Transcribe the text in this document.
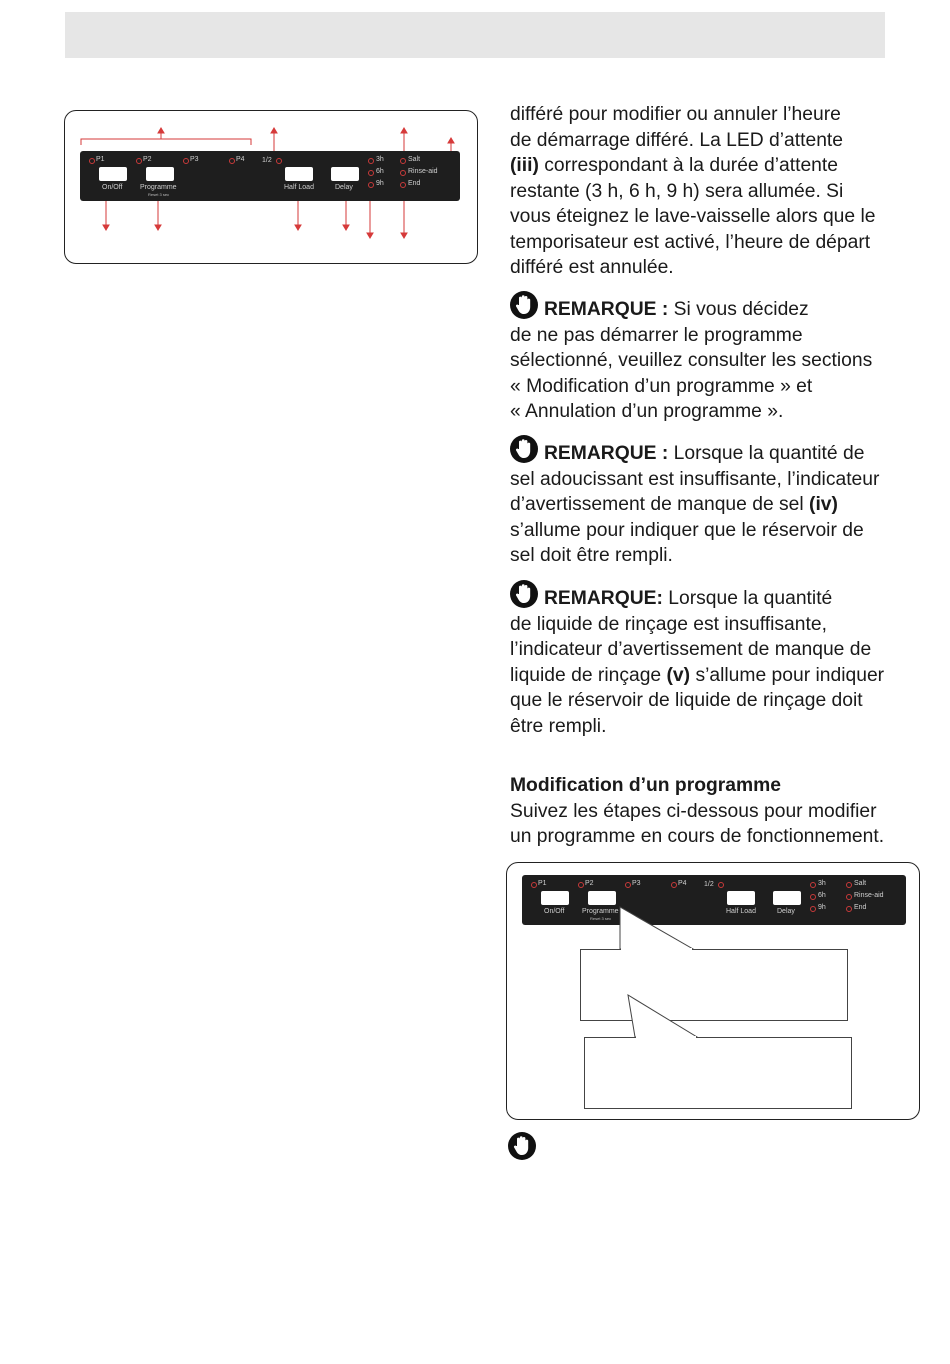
P1	P2	P3	P4 1/2
On/Off	Programme
Reset 3 sec
Half Load	Delay
3h
6h
9h
Salt
Rinse-aid
End

différé pour modifier ou annuler l’heure

de démarrage différé. La LED d’attente

(iii) correspondant à la durée d’attente

restante (3 h, 6 h, 9 h) sera allumée. Si

vous éteignez le lave-vaisselle alors que le

temporisateur est activé, l’heure de départ

différé est annulée.

REMARQUE : Si vous décidez

de ne pas démarrer le programme

sélectionné, veuillez consulter les sections

« Modification d’un programme » et

« Annulation d’un programme ».

REMARQUE : Lorsque la quantité de

sel adoucissant est insuffisante, l’indicateur

d’avertissement de manque de sel (iv)

s’allume pour indiquer que le réservoir de

sel doit être rempli.

REMARQUE: Lorsque la quantité

de liquide de rinçage est insuffisante,

l’indicateur d’avertissement de manque de

liquide de rinçage (v) s’allume pour indiquer

que le réservoir de liquide de rinçage doit

être rempli.

Modification d’un programme

Suivez les étapes ci-dessous pour modifier

un programme en cours de fonctionnement.

P1	P2	P3	P4 1/2
On/Off	Programme
Reset 3 sec
Half Load	Delay
3h
6h
9h
Salt
Rinse-aid
End
